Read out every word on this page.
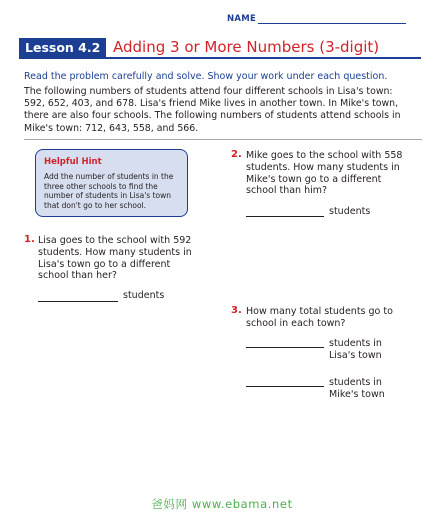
NAME
Lesson 4.2 Adding 3 or More Numbers (3-digit)
Read the problem carefully and solve. Show your work under each question.
The following numbers of students attend four different schools in Lisa's town: 592, 652, 403, and 678. Lisa's friend Mike lives in another town. In Mike's town, there are also four schools. The following numbers of students attend schools in Mike's town: 712, 643, 558, and 566.
Helpful Hint
Add the number of students in the three other schools to find the number of students in Lisa's town that don't go to her school.
1. Lisa goes to the school with 592 students. How many students in Lisa's town go to a different school than her?
students
2. Mike goes to the school with 558 students. How many students in Mike's town go to a different school than him?
students
3. How many total students go to school in each town?
students in Lisa's town
students in Mike's town
爸妈网 www.ebama.net
